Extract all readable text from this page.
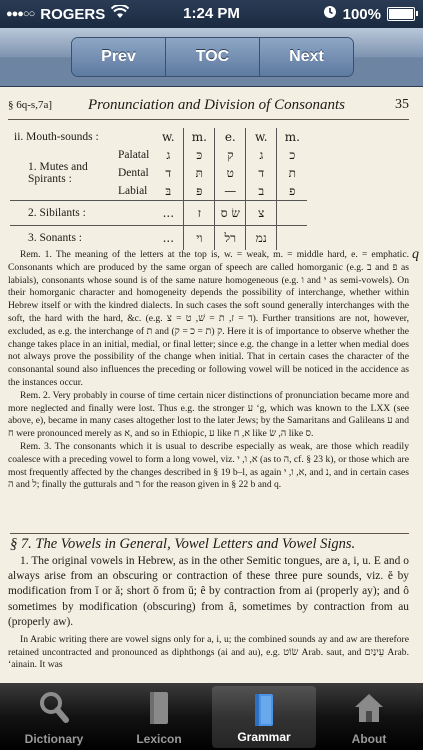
●●●○○ ROGERS	1:24 PM	100%
Prev	TOC	Next
§ 6q-s,7a] Pronunciation and Division of Consonants	35
ii. Mouth-sounds :		w.	m.	e.	w.	m.
1. Mutes and Spirants :	Palatal	ג	כּ	ק	ג	כ
	Dental	ד	תּ	ט	ד	ת
	Labial	בּ	פּ	—	ב	פ
2. Sibilants :		...	ז	שׂ ס	צ	
3. Sonants :		...	וי	רל	נמ	
q

Rem. 1. The meaning of the letters at the top is, w. = weak, m. = middle hard, e. = emphatic. Consonants which are produced by the same organ of speech are called homorganic (e.g. ב and פ as labials), consonants whose sound is of the same nature homogeneous (e.g. ו and י as semi-vowels). On their homorganic character and homogeneity depends the possibility of interchange, whether within Hebrew itself or with the kindred dialects. In such cases the soft sound generally interchanges with the soft, the hard with the hard, &c. (e.g. ד = ז, ת = שׁ, ט = צ). Further transitions are not, however, excluded, as e.g. the interchange of ת and ק (ת = כ = ק). Here it is of importance to observe whether the change takes place in an initial, medial, or final letter; since e.g. the change in a letter when medial does not always prove the possibility of the change when initial. That in certain cases the character of the consonantal sound also influences the preceding or following vowel will be noticed in the accidence as the instances occur.

Rem. 2. Very probably in course of time certain nicer distinctions of pronunciation became more and more neglected and finally were lost. Thus e.g. the stronger ע ʻg, which was known to the LXX (see above, e), became in many cases altogether lost to the later Jews; by the Samaritans and Galileans ע and ח were pronounced merely as א, and so in Ethiopic, ע like א, ח like ה, שׂ like ס.

Rem. 3. The consonants which it is usual to describe especially as weak, are those which readily coalesce with a preceding vowel to form a long vowel, viz. א, ו, י (as to ה, cf. § 23 k), or those which are most frequently affected by the changes described in § 19 b–l, as again א, ו, י, and נ, and in certain cases ה and ל; finally the gutturals and ר for the reason given in § 22 b and q.

§ 7. The Vowels in General, Vowel Letters and Vowel Signs.

1. The original vowels in Hebrew, as in the other Semitic tongues, are a, i, u. E and o always arise from an obscuring or contraction of these three pure sounds, viz. ĕ by modification from ĭ or ă; short ŏ from ŭ; ê by contraction from ai (properly ay); and ô sometimes by modification (obscuring) from â, sometimes by contraction from au (properly aw).

In Arabic writing there are vowel signs only for a, i, u; the combined sounds ay and aw are therefore retained uncontracted and pronounced as diphthongs (ai and au), e.g. שׂוֹט Arab. saut, and עֵינַיִם Arab. ʻainain. It was

Dictionary	Lexicon	Grammar	About
